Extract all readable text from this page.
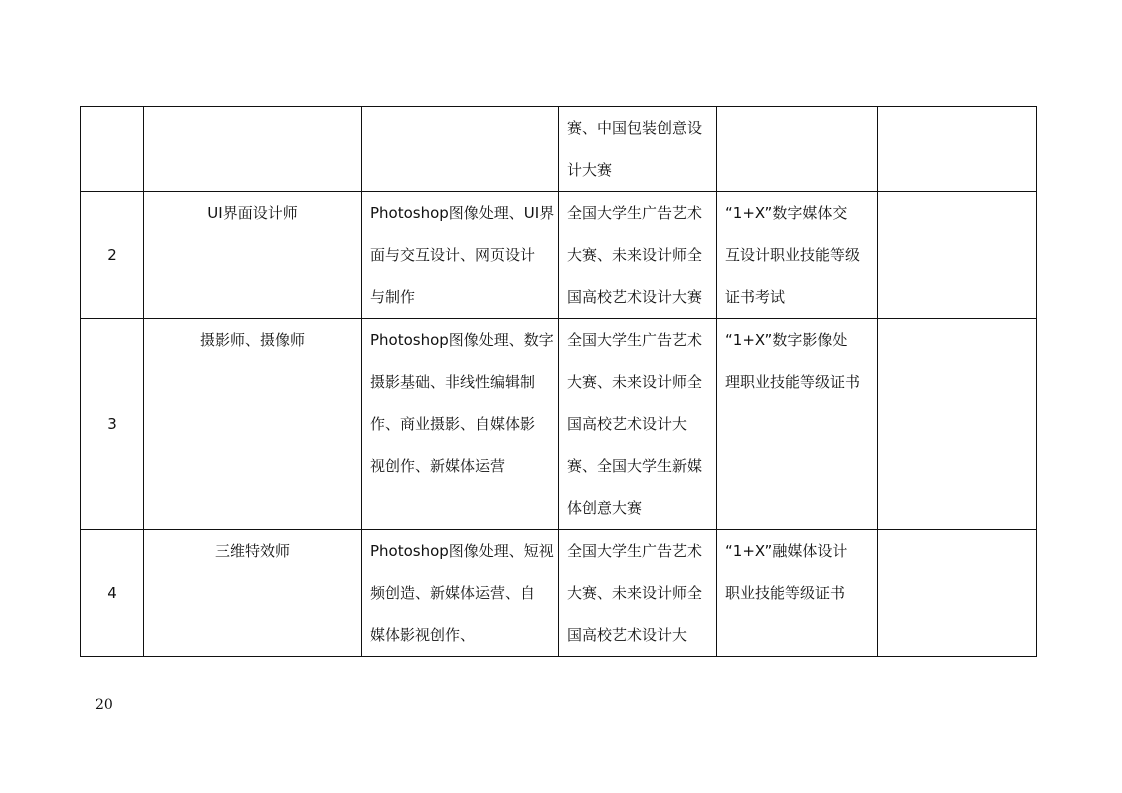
			赛、中国包装创意设
计大赛		

2	UI界面设计师	Photoshop图像处理、UI界
面与交互设计、网页设计
与制作	全国大学生广告艺术
大赛、未来设计师全
国高校艺术设计大赛	“1+X”数字媒体交
互设计职业技能等级
证书考试	

3	摄影师、摄像师	Photoshop图像处理、数字
摄影基础、非线性编辑制
作、商业摄影、自媒体影
视创作、新媒体运营	全国大学生广告艺术
大赛、未来设计师全
国高校艺术设计大
赛、全国大学生新媒
体创意大赛	“1+X”数字影像处
理职业技能等级证书	

4	三维特效师	Photoshop图像处理、短视
频创造、新媒体运营、自
媒体影视创作、	全国大学生广告艺术
大赛、未来设计师全
国高校艺术设计大	“1+X”融媒体设计
职业技能等级证书	

20
